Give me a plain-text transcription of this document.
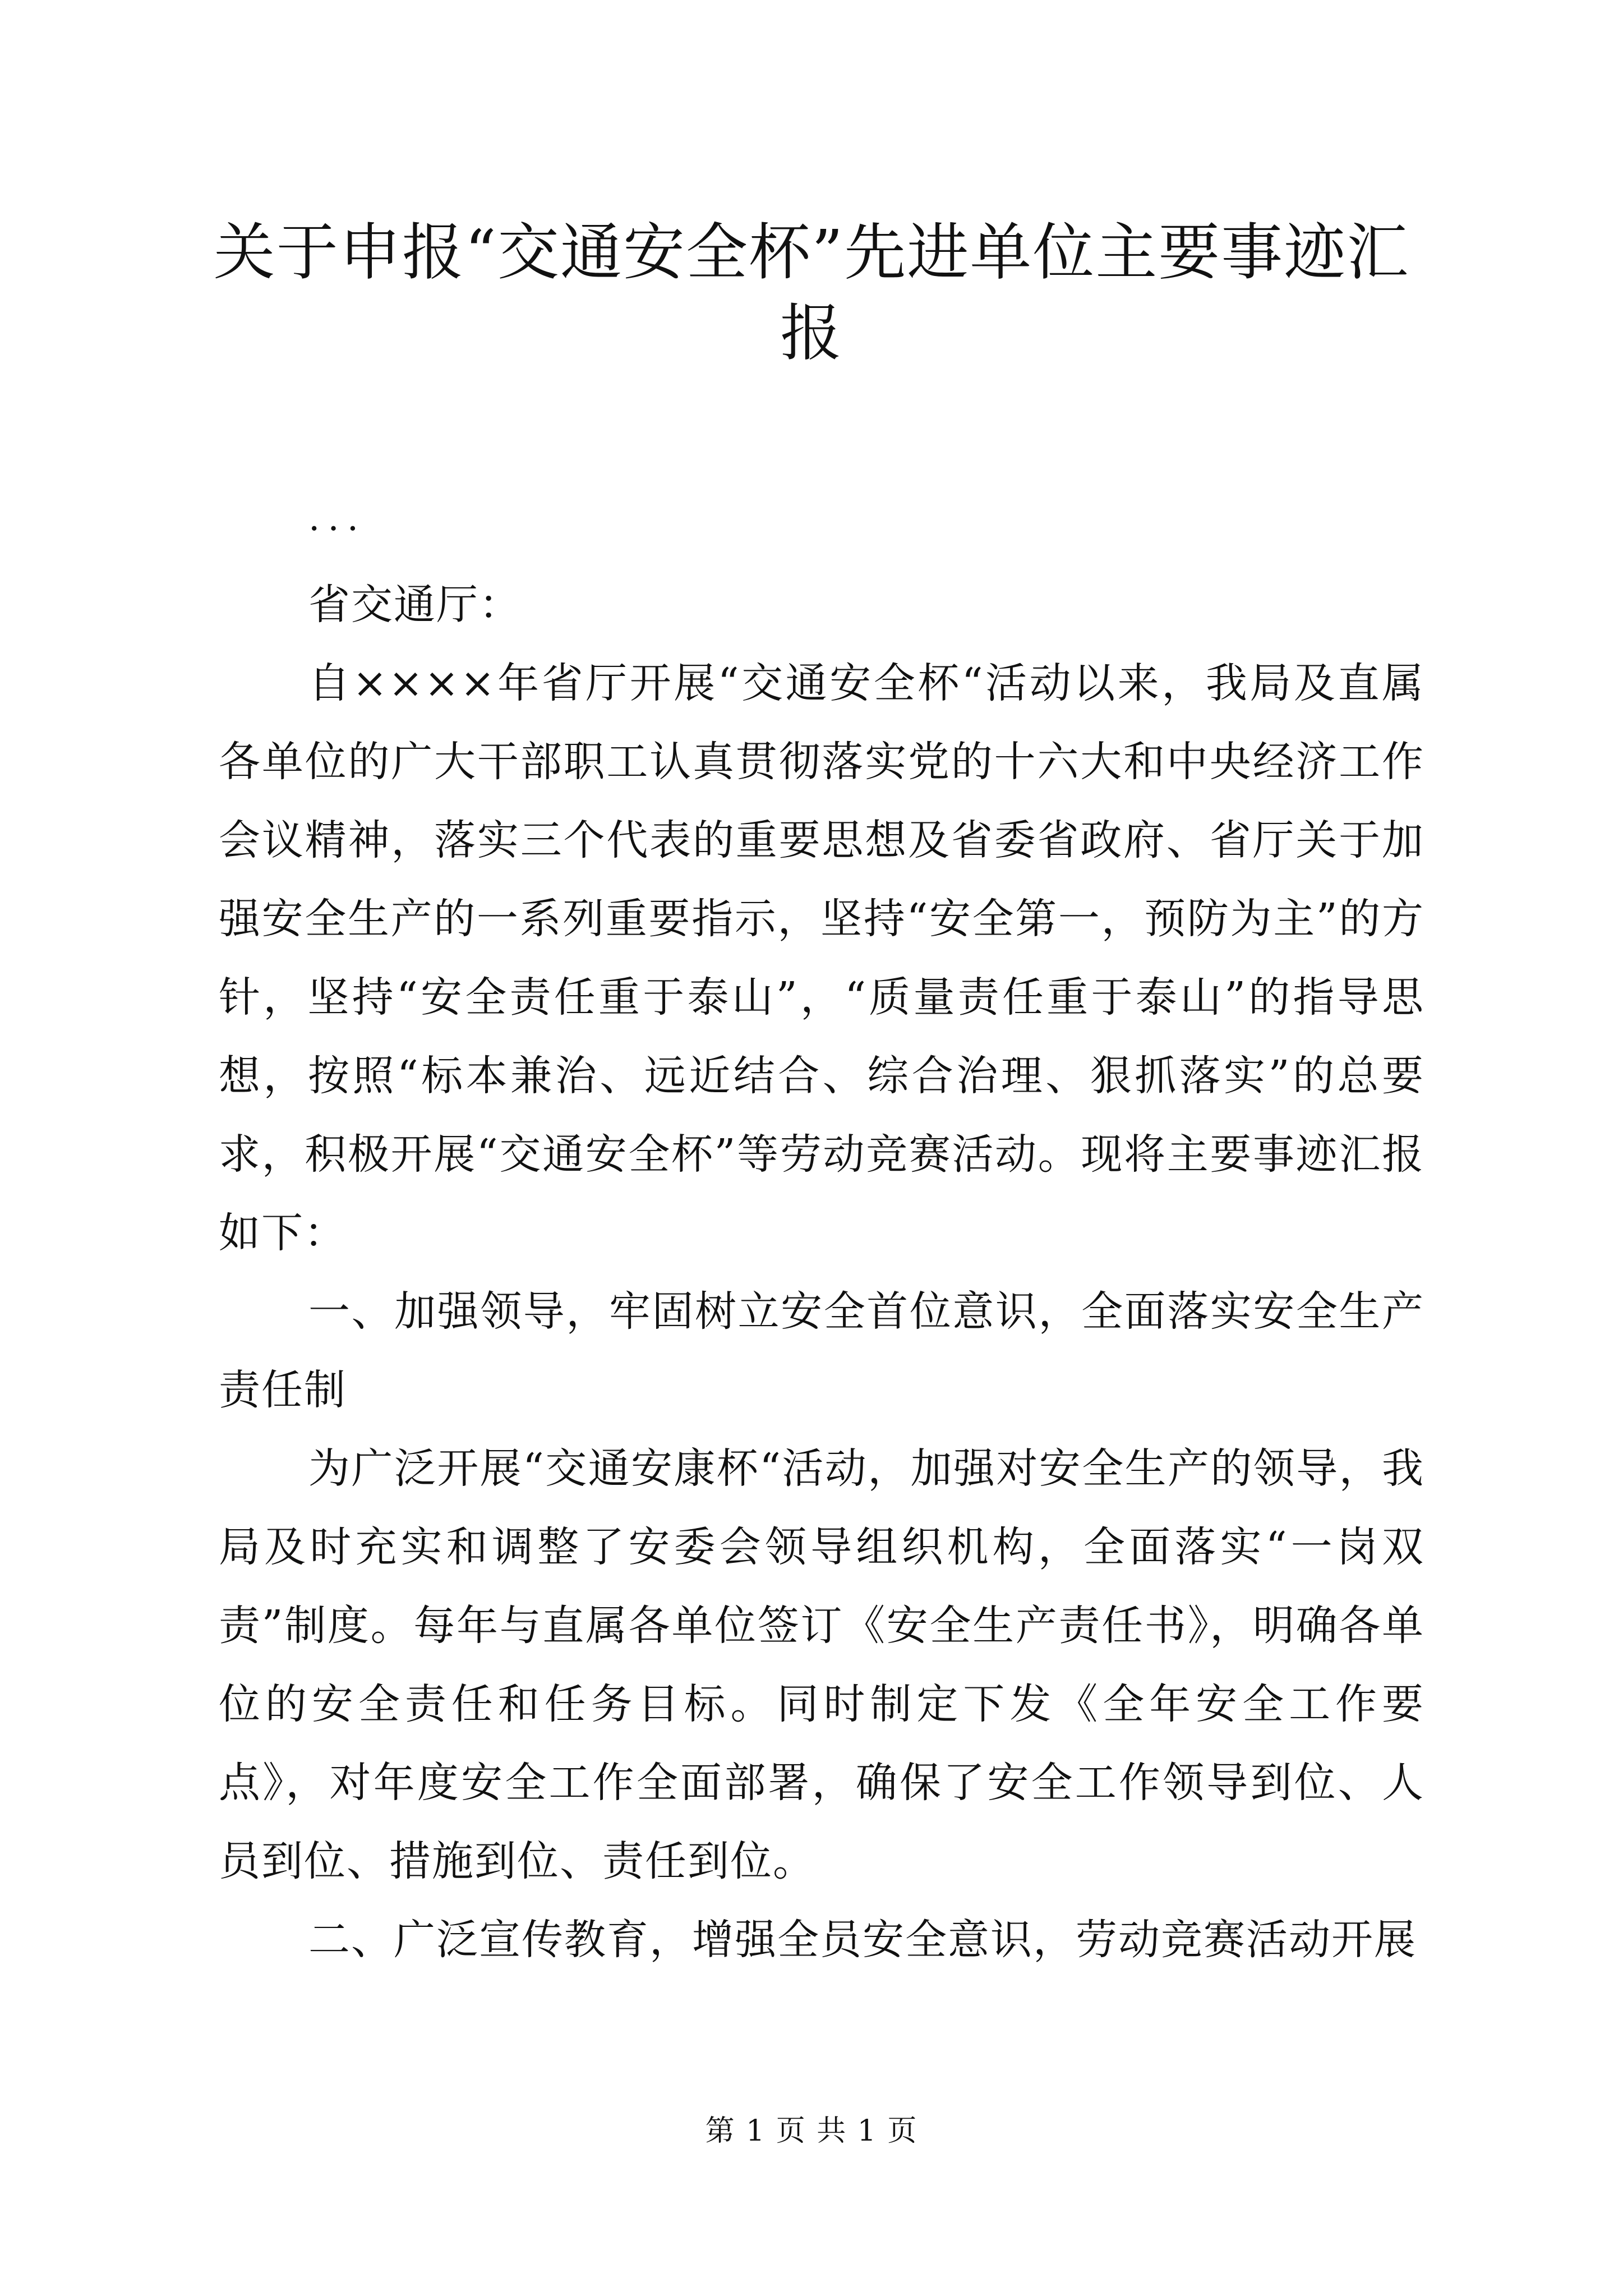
关于申报“交通安全杯”先进单位主要事迹汇报

...

省交通厅：

自××××年省厅开展“交通安全杯“活动以来，我局及直属各单位的广大干部职工认真贯彻落实党的十六大和中央经济工作会议精神，落实三个代表的重要思想及省委省政府、省厅关于加强安全生产的一系列重要指示，坚持“安全第一，预防为主”的方针，坚持“安全责任重于泰山”，“质量责任重于泰山”的指导思想，按照“标本兼治、远近结合、综合治理、狠抓落实”的总要求，积极开展“交通安全杯”等劳动竞赛活动。现将主要事迹汇报如下：

一、加强领导，牢固树立安全首位意识，全面落实安全生产责任制

为广泛开展“交通安康杯“活动，加强对安全生产的领导，我局及时充实和调整了安委会领导组织机构，全面落实“一岗双责”制度。每年与直属各单位签订《安全生产责任书》，明确各单位的安全责任和任务目标。同时制定下发《全年安全工作要点》，对年度安全工作全面部署，确保了安全工作领导到位、人员到位、措施到位、责任到位。

二、广泛宣传教育，增强全员安全意识，劳动竞赛活动开展

第 1 页 共 1 页
